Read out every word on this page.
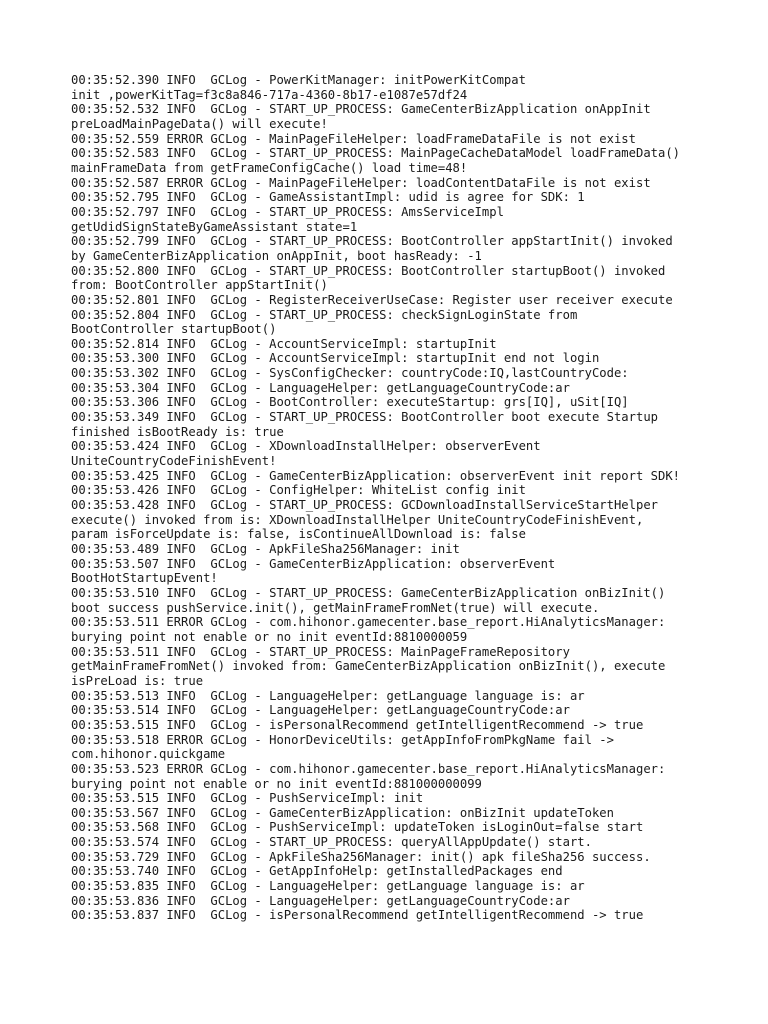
00:35:52.390 INFO  GCLog - PowerKitManager: initPowerKitCompat
init ,powerKitTag=f3c8a846-717a-4360-8b17-e1087e57df24
00:35:52.532 INFO  GCLog - START_UP_PROCESS: GameCenterBizApplication onAppInit
preLoadMainPageData() will execute!
00:35:52.559 ERROR GCLog - MainPageFileHelper: loadFrameDataFile is not exist
00:35:52.583 INFO  GCLog - START_UP_PROCESS: MainPageCacheDataModel loadFrameData()
mainFrameData from getFrameConfigCache() load time=48!
00:35:52.587 ERROR GCLog - MainPageFileHelper: loadContentDataFile is not exist
00:35:52.795 INFO  GCLog - GameAssistantImpl: udid is agree for SDK: 1
00:35:52.797 INFO  GCLog - START_UP_PROCESS: AmsServiceImpl
getUdidSignStateByGameAssistant state=1
00:35:52.799 INFO  GCLog - START_UP_PROCESS: BootController appStartInit() invoked
by GameCenterBizApplication onAppInit, boot hasReady: -1
00:35:52.800 INFO  GCLog - START_UP_PROCESS: BootController startupBoot() invoked
from: BootController appStartInit()
00:35:52.801 INFO  GCLog - RegisterReceiverUseCase: Register user receiver execute
00:35:52.804 INFO  GCLog - START_UP_PROCESS: checkSignLoginState from
BootController startupBoot()
00:35:52.814 INFO  GCLog - AccountServiceImpl: startupInit
00:35:53.300 INFO  GCLog - AccountServiceImpl: startupInit end not login
00:35:53.302 INFO  GCLog - SysConfigChecker: countryCode:IQ,lastCountryCode:
00:35:53.304 INFO  GCLog - LanguageHelper: getLanguageCountryCode:ar
00:35:53.306 INFO  GCLog - BootController: executeStartup: grs[IQ], uSit[IQ]
00:35:53.349 INFO  GCLog - START_UP_PROCESS: BootController boot execute Startup
finished isBootReady is: true
00:35:53.424 INFO  GCLog - XDownloadInstallHelper: observerEvent
UniteCountryCodeFinishEvent!
00:35:53.425 INFO  GCLog - GameCenterBizApplication: observerEvent init report SDK!
00:35:53.426 INFO  GCLog - ConfigHelper: WhiteList config init
00:35:53.428 INFO  GCLog - START_UP_PROCESS: GCDownloadInstallServiceStartHelper
execute() invoked from is: XDownloadInstallHelper UniteCountryCodeFinishEvent,
param isForceUpdate is: false, isContinueAllDownload is: false
00:35:53.489 INFO  GCLog - ApkFileSha256Manager: init
00:35:53.507 INFO  GCLog - GameCenterBizApplication: observerEvent
BootHotStartupEvent!
00:35:53.510 INFO  GCLog - START_UP_PROCESS: GameCenterBizApplication onBizInit()
boot success pushService.init(), getMainFrameFromNet(true) will execute.
00:35:53.511 ERROR GCLog - com.hihonor.gamecenter.base_report.HiAnalyticsManager:
burying point not enable or no init eventId:8810000059
00:35:53.511 INFO  GCLog - START_UP_PROCESS: MainPageFrameRepository
getMainFrameFromNet() invoked from: GameCenterBizApplication onBizInit(), execute
isPreLoad is: true
00:35:53.513 INFO  GCLog - LanguageHelper: getLanguage language is: ar
00:35:53.514 INFO  GCLog - LanguageHelper: getLanguageCountryCode:ar
00:35:53.515 INFO  GCLog - isPersonalRecommend getIntelligentRecommend -> true
00:35:53.518 ERROR GCLog - HonorDeviceUtils: getAppInfoFromPkgName fail ->
com.hihonor.quickgame
00:35:53.523 ERROR GCLog - com.hihonor.gamecenter.base_report.HiAnalyticsManager:
burying point not enable or no init eventId:881000000099
00:35:53.515 INFO  GCLog - PushServiceImpl: init
00:35:53.567 INFO  GCLog - GameCenterBizApplication: onBizInit updateToken
00:35:53.568 INFO  GCLog - PushServiceImpl: updateToken isLoginOut=false start
00:35:53.574 INFO  GCLog - START_UP_PROCESS: queryAllAppUpdate() start.
00:35:53.729 INFO  GCLog - ApkFileSha256Manager: init() apk fileSha256 success.
00:35:53.740 INFO  GCLog - GetAppInfoHelp: getInstalledPackages end
00:35:53.835 INFO  GCLog - LanguageHelper: getLanguage language is: ar
00:35:53.836 INFO  GCLog - LanguageHelper: getLanguageCountryCode:ar
00:35:53.837 INFO  GCLog - isPersonalRecommend getIntelligentRecommend -> true
